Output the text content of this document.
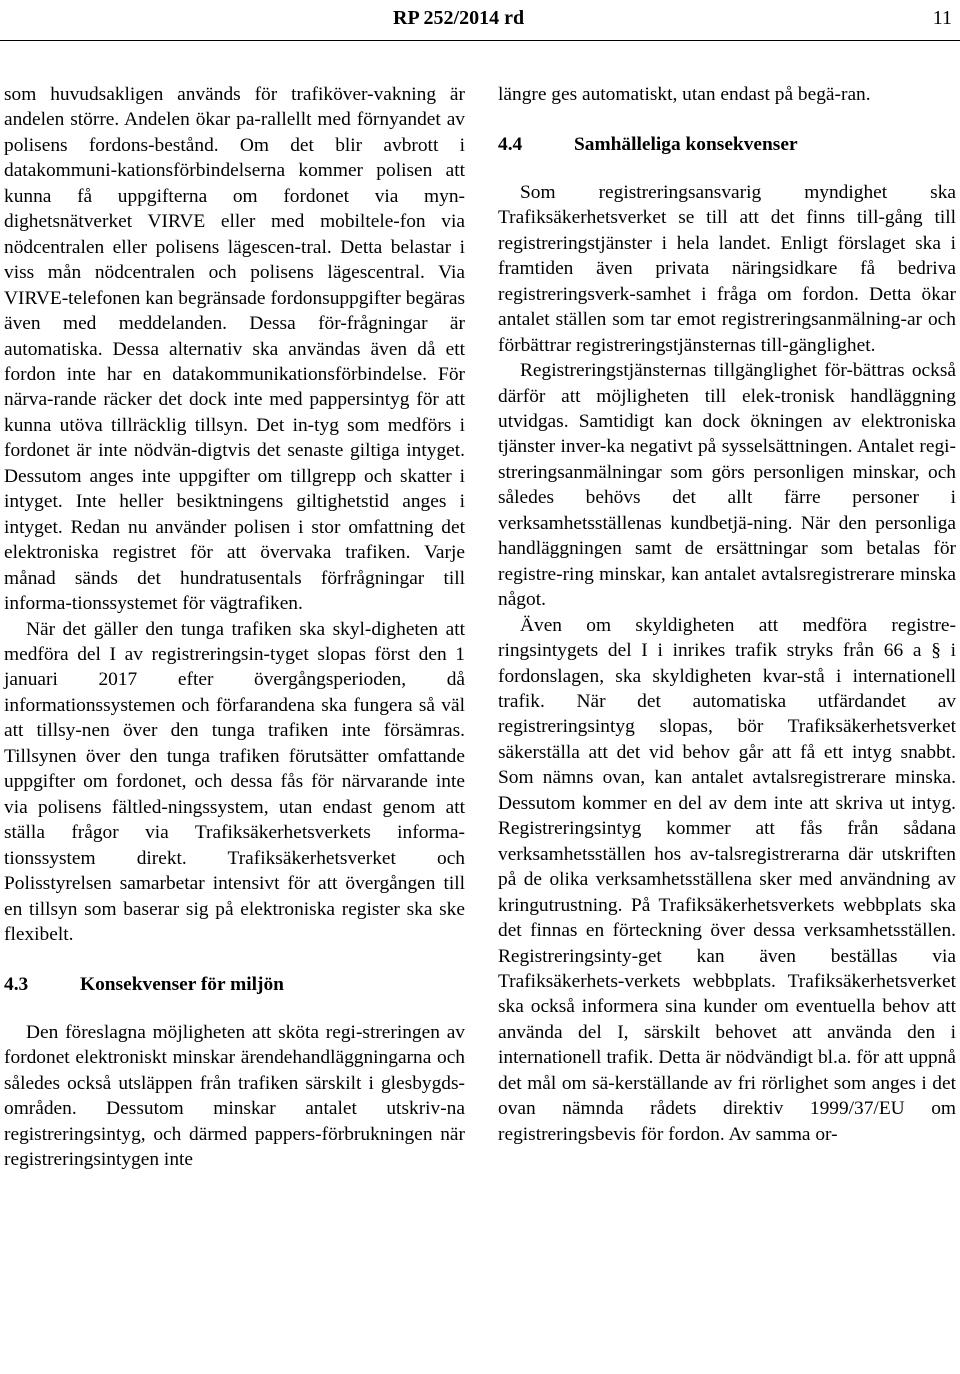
RP 252/2014 rd	11

som huvudsakligen används för trafiköver-vakning är andelen större. Andelen ökar pa-rallellt med förnyandet av polisens fordons-bestånd. Om det blir avbrott i datakommuni-kationsförbindelserna kommer polisen att kunna få uppgifterna om fordonet via myn-dighetsnätverket VIRVE eller med mobiltele-fon via nödcentralen eller polisens lägescen-tral. Detta belastar i viss mån nödcentralen och polisens lägescentral. Via VIRVE-telefonen kan begränsade fordonsuppgifter begäras även med meddelanden. Dessa för-frågningar är automatiska. Dessa alternativ ska användas även då ett fordon inte har en datakommunikationsförbindelse. För närva-rande räcker det dock inte med pappersintyg för att kunna utöva tillräcklig tillsyn. Det in-tyg som medförs i fordonet är inte nödvän-digtvis det senaste giltiga intyget. Dessutom anges inte uppgifter om tillgrepp och skatter i intyget. Inte heller besiktningens giltighetstid anges i intyget. Redan nu använder polisen i stor omfattning det elektroniska registret för att övervaka trafiken. Varje månad sänds det hundratusentals förfrågningar till informa-tionssystemet för vägtrafiken.

När det gäller den tunga trafiken ska skyl-digheten att medföra del I av registreringsin-tyget slopas först den 1 januari 2017 efter övergångsperioden, då informationssystemen och förfarandena ska fungera så väl att tillsy-nen över den tunga trafiken inte försämras. Tillsynen över den tunga trafiken förutsätter omfattande uppgifter om fordonet, och dessa fås för närvarande inte via polisens fältled-ningssystem, utan endast genom att ställa frågor via Trafiksäkerhetsverkets informa-tionssystem direkt. Trafiksäkerhetsverket och Polisstyrelsen samarbetar intensivt för att övergången till en tillsyn som baserar sig på elektroniska register ska ske flexibelt.

4.3	Konsekvenser för miljön

Den föreslagna möjligheten att sköta regi-streringen av fordonet elektroniskt minskar ärendehandläggningarna och således också utsläppen från trafiken särskilt i glesbygds-områden. Dessutom minskar antalet utskriv-na registreringsintyg, och därmed pappers-förbrukningen när registreringsintygen inte

längre ges automatiskt, utan endast på begä-ran.

4.4	Samhälleliga konsekvenser

Som registreringsansvarig myndighet ska Trafiksäkerhetsverket se till att det finns till-gång till registreringstjänster i hela landet. Enligt förslaget ska i framtiden även privata näringsidkare få bedriva registreringsverk-samhet i fråga om fordon. Detta ökar antalet ställen som tar emot registreringsanmälning-ar och förbättrar registreringstjänsternas till-gänglighet.

Registreringstjänsternas tillgänglighet för-bättras också därför att möjligheten till elek-tronisk handläggning utvidgas. Samtidigt kan dock ökningen av elektroniska tjänster inver-ka negativt på sysselsättningen. Antalet regi-streringsanmälningar som görs personligen minskar, och således behövs det allt färre personer i verksamhetsställenas kundbetjä-ning. När den personliga handläggningen samt de ersättningar som betalas för registre-ring minskar, kan antalet avtalsregistrerare minska något.

Även om skyldigheten att medföra registre-ringsintygets del I i inrikes trafik stryks från 66 a § i fordonslagen, ska skyldigheten kvar-stå i internationell trafik. När det automatiska utfärdandet av registreringsintyg slopas, bör Trafiksäkerhetsverket säkerställa att det vid behov går att få ett intyg snabbt. Som nämns ovan, kan antalet avtalsregistrerare minska. Dessutom kommer en del av dem inte att skriva ut intyg. Registreringsintyg kommer att fås från sådana verksamhetsställen hos av-talsregistrerarna där utskriften på de olika verksamhetsställena sker med användning av kringutrustning. På Trafiksäkerhetsverkets webbplats ska det finnas en förteckning över dessa verksamhetsställen. Registreringsinty-get kan även beställas via Trafiksäkerhets-verkets webbplats. Trafiksäkerhetsverket ska också informera sina kunder om eventuella behov att använda del I, särskilt behovet att använda den i internationell trafik. Detta är nödvändigt bl.a. för att uppnå det mål om sä-kerställande av fri rörlighet som anges i det ovan nämnda rådets direktiv 1999/37/EU om registreringsbevis för fordon. Av samma or-
